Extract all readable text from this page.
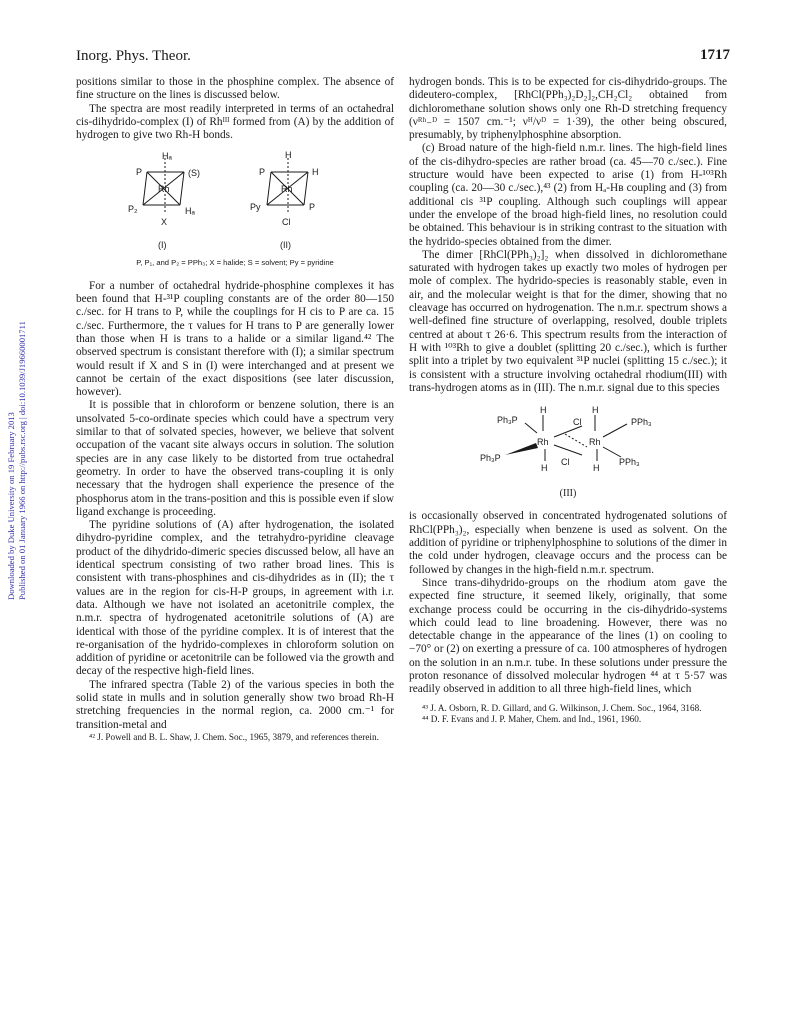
Inorg. Phys. Theor.	1717
Downloaded by Duke University on 19 February 2013 Published on 01 January 1966 on http://pubs.rsc.org | doi:10.1039/J19660001711

positions similar to those in the phosphine complex. The absence of fine structure on the lines is discussed below.

The spectra are most readily interpreted in terms of an octahedral cis-dihydrido-complex (I) of Rhᴵᴵᴵ formed from (A) by the addition of hydrogen to give two Rh-H bonds.

P
Hₐ
(S)
Rh
P₂	Hₐ
X
(I)
H
P	H
Rh
Py	P
Cl
(II)
P, P₁, and P₂ = PPh₃; X = halide; S = solvent; Py = pyridine

For a number of octahedral hydride-phosphine complexes it has been found that H-³¹P coupling constants are of the order 80—150 c./sec. for H trans to P, while the couplings for H cis to P are ca. 15 c./sec. Furthermore, the τ values for H trans to P are generally lower than those when H is trans to a halide or a similar ligand.⁴² The observed spectrum is consistant therefore with (I); a similar spectrum would result if X and S in (I) were interchanged and at present we cannot be certain of the exact dispositions (see later discussion, however).

It is possible that in chloroform or benzene solution, there is an unsolvated 5-co-ordinate species which could have a spectrum very similar to that of solvated species, however, we believe that solvent occupation of the vacant site always occurs in solution. The solution species are in any case likely to be distorted from true octahedral geometry. In order to have the observed trans-coupling it is only necessary that the hydrogen shall experience the presence of the phosphorus atom in the trans-position and this is possible even if slow ligand exchange is proceeding.

The pyridine solutions of (A) after hydrogenation, the isolated dihydro-pyridine complex, and the tetrahydro-pyridine cleavage product of the dihydrido-dimeric species discussed below, all have an identical spectrum consisting of two rather broad lines. This is consistent with trans-phosphines and cis-dihydrides as in (II); the τ values are in the region for cis-H-P groups, in agreement with i.r. data. Although we have not isolated an acetonitrile complex, the n.m.r. spectra of hydrogenated acetonitrile solutions of (A) are identical with those of the pyridine complex. It is of interest that the re-organisation of the hydrido-complexes in chloroform solution on addition of pyridine or acetonitrile can be followed via the growth and decay of the respective high-field lines.

The infrared spectra (Table 2) of the various species in both the solid state in mulls and in solution generally show two broad Rh-H stretching frequencies in the normal region, ca. 2000 cm.⁻¹ for transition-metal and

⁴² J. Powell and B. L. Shaw, J. Chem. Soc., 1965, 3879, and references therein.

hydrogen bonds. This is to be expected for cis-dihydrido-groups. The dideutero-complex, [RhCl(PPh₃)₂D₂]₂,CH₂Cl₂ obtained from dichloromethane solution shows only one Rh-D stretching frequency (νᴿʰ₋ᴰ = 1507 cm.⁻¹; νᴴ/νᴰ = 1·39), the other being obscured, presumably, by triphenylphosphine absorption.

(c) Broad nature of the high-field n.m.r. lines. The high-field lines of the cis-dihydro-species are rather broad (ca. 45—70 c./sec.). Fine structure would have been expected to arise (1) from H-¹⁰³Rh coupling (ca. 20—30 c./sec.),⁴³ (2) from Hₐ-Hʙ coupling and (3) from additional cis ³¹P coupling. Although such couplings will appear under the envelope of the broad high-field lines, no resolution could be obtained. This behaviour is in striking contrast to the situation with the hydrido-species obtained from the dimer.

The dimer [RhCl(PPh₃)₂]₂ when dissolved in dichloromethane saturated with hydrogen takes up exactly two moles of hydrogen per mole of complex. The hydrido-species is reasonably stable, even in air, and the molecular weight is that for the dimer, showing that no cleavage has occurred on hydrogenation. The n.m.r. spectrum shows a well-defined fine structure of overlapping, resolved, double triplets centred at about τ 26·6. This spectrum results from the interaction of H with ¹⁰³Rh to give a doublet (splitting 20 c./sec.), which is further split into a triplet by two equivalent ³¹P nuclei (splitting 15 c./sec.); it is consistent with a structure involving octahedral rhodium(III) with trans-hydrogen atoms as in (III). The n.m.r. signal due to this species

H	H
Ph₃P	Cl	PPh₃
Rh	Rh
Ph₃P
H
Cl
H
PPh₃
(III)

is occasionally observed in concentrated hydrogenated solutions of RhCl(PPh₃)₂, especially when benzene is used as solvent. On the addition of pyridine or triphenylphosphine to solutions of the dimer in the cold under hydrogen, cleavage occurs and the process can be followed by changes in the high-field n.m.r. spectrum.

Since trans-dihydrido-groups on the rhodium atom gave the expected fine structure, it seemed likely, originally, that some exchange process could be occurring in the cis-dihydrido-systems which could lead to line broadening. However, there was no detectable change in the appearance of the lines (1) on cooling to −70° or (2) on exerting a pressure of ca. 100 atmospheres of hydrogen on the solution in an n.m.r. tube. In these solutions under pressure the proton resonance of dissolved molecular hydrogen ⁴⁴ at τ 5·57 was readily observed in addition to all three high-field lines, which

⁴³ J. A. Osborn, R. D. Gillard, and G. Wilkinson, J. Chem. Soc., 1964, 3168.

⁴⁴ D. F. Evans and J. P. Maher, Chem. and Ind., 1961, 1960.
